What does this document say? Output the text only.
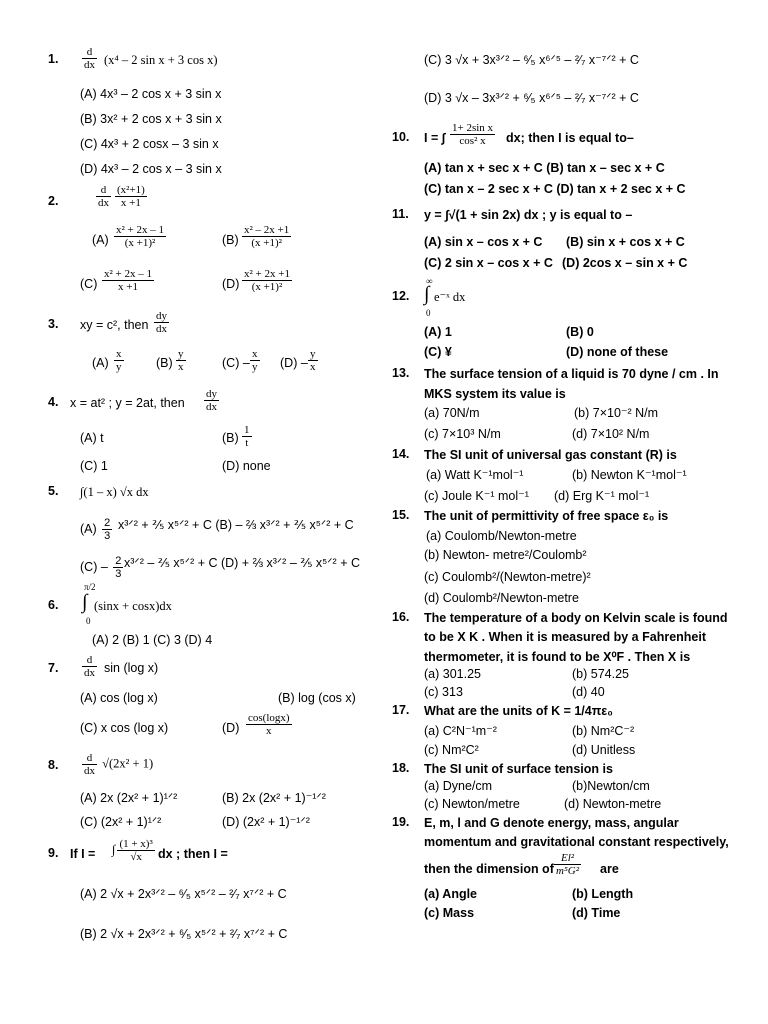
1. $\frac{d}{dx} (x^4 - 2$ sin x + 3 cos x)
(A) 4x³ – 2 cos x + 3 sin x
(B) 3x² + 2 cos x + 3 sin x
(C) 4x³ + 2 cosx – 3 sin x
(D) 4x³ – 2 cos x – 3 sin x
2.	$\frac{d}{dx} \frac{\text{(x²+1)}}{x +1}$
$(A) \frac{\text{x² + 2x – 1}}{\text{(x +1)²}}$	$(B) \frac{\text{x² – 2x +1}}{\text{(x +1)²}}$
$(C) \frac{\text{x² + 2x – 1}}{x +1}$	$(D) \frac{\text{x² + 2x +1}}{\text{(x +1)²}}$
3. xy = c², then $\frac{dy}{dx}$
$(A) \frac{x}{y}$	$(B) \frac{y}{x}$	$(C) - \frac{x}{y} (D) - \frac{y}{x}$
4. x = at² ; y = 2at, then $\frac{dy}{dx}$
(A) t	$(B) \frac{1}{t}$
(C) 1	(D) none
5. ∫(1 – x) √x dx
$(A) \frac{2}{3}$ x³ᐟ² + ⅖ x⁵ᐟ² + C (B) – ⅔ x³ᐟ² + ⅖ x⁵ᐟ² + C
$(C) - \frac{2}{3}$ x³ᐟ² – ⅖ x⁵ᐟ² + C (D) + ⅔ x³ᐟ² – ⅖ x⁵ᐟ² + C
6.
π/2
∫
0
(sinx + cosx)dx
(A) 2 (B) 1 (C) 3 (D) 4
7. $\frac{d}{dx}$ sin (log x)
(A) cos (log x)	(B) log (cos x)
(C) x cos (log x)	$(D) \frac{\cos(\log x)}{x}$
8. $\frac{d}{dx} √(2x^2 + 1)$
(A) 2x (2x² + 1)¹ᐟ²	(B) 2x (2x² + 1)⁻¹ᐟ²
(C) (2x² + 1)¹ᐟ²	(D) (2x² + 1)⁻¹ᐟ²
9. If I = ∫ $\frac{\text{(1 + x)³}}{√x}$ dx ; then I =
(A) 2 √x + 2x³ᐟ² – ⁶⁄₅ x⁵ᐟ² – ²⁄₇ x⁷ᐟ² + C
(B) 2 √x + 2x³ᐟ² + ⁶⁄₅ x⁵ᐟ² + ²⁄₇ x⁷ᐟ² + C
(C) 3 √x + 3x³ᐟ² – ⁶⁄₅ x⁶ᐟ⁵ – ²⁄₇ x⁻⁷ᐟ² + C
(D) 3 √x – 3x³ᐟ² + ⁶⁄₅ x⁶ᐟ⁵ – ²⁄₇ x⁻⁷ᐟ² + C
10. I = ∫ $\frac{\text{1+ 2sin x}}{\text{cos² x}}$ dx; then I is equal to–
(A) tan x + sec x + C (B) tan x – sec x + C
(C) tan x – 2 sec x + C (D) tan x + 2 sec x + C
11. y = ∫√(1 + sin 2x) dx ; y is equal to –
(A) sin x – cos x + C (B) sin x + cos x + C
(C) 2 sin x – cos x + C (D) 2cos x – sin x + C
12.
∞
∫
0
e⁻ˣ dx
(A) 1	(B) 0
(C) ¥	(D) none of these
13. The surface tension of a liquid is 70 dyne / cm . In
MKS system its value is
(a) 70N/m	(b) 7×10⁻² N/m
(c) 7×10³ N/m	(d) 7×10² N/m
14. The SI unit of universal gas constant (R) is
(a) Watt K⁻¹mol⁻¹	(b) Newton K⁻¹mol⁻¹
(c) Joule K⁻¹ mol⁻¹ (d) Erg K⁻¹ mol⁻¹
15. The unit of permittivity of free space ε₀ is
(a) Coulomb/Newton-metre
(b) Newton- metre²/Coulomb²
(c) Coulomb²/(Newton-metre)²
(d) Coulomb²/Newton-metre
16. The temperature of a body on Kelvin scale is found
to be X K . When it is measured by a Fahrenheit
thermometer, it is found to be X⁰F . Then X is
(a) 301.25	(b) 574.25
(c) 313	(d) 40
17. What are the units of K = 1/4πε₀
(a) C²N⁻¹m⁻²	(b) Nm²C⁻²
(c) Nm²C²	(d) Unitless
18. The SI unit of surface tension is
(a) Dyne/cm	(b)Newton/cm
(c) Newton/metre	(d) Newton-metre
19. E, m, l and G denote energy, mass, angular
momentum and gravitational constant respectively,
then the dimension of $\frac{\text{El²}}{\text{m⁵G²}}$ are
(a) Angle	(b) Length
(c) Mass	(d) Time
